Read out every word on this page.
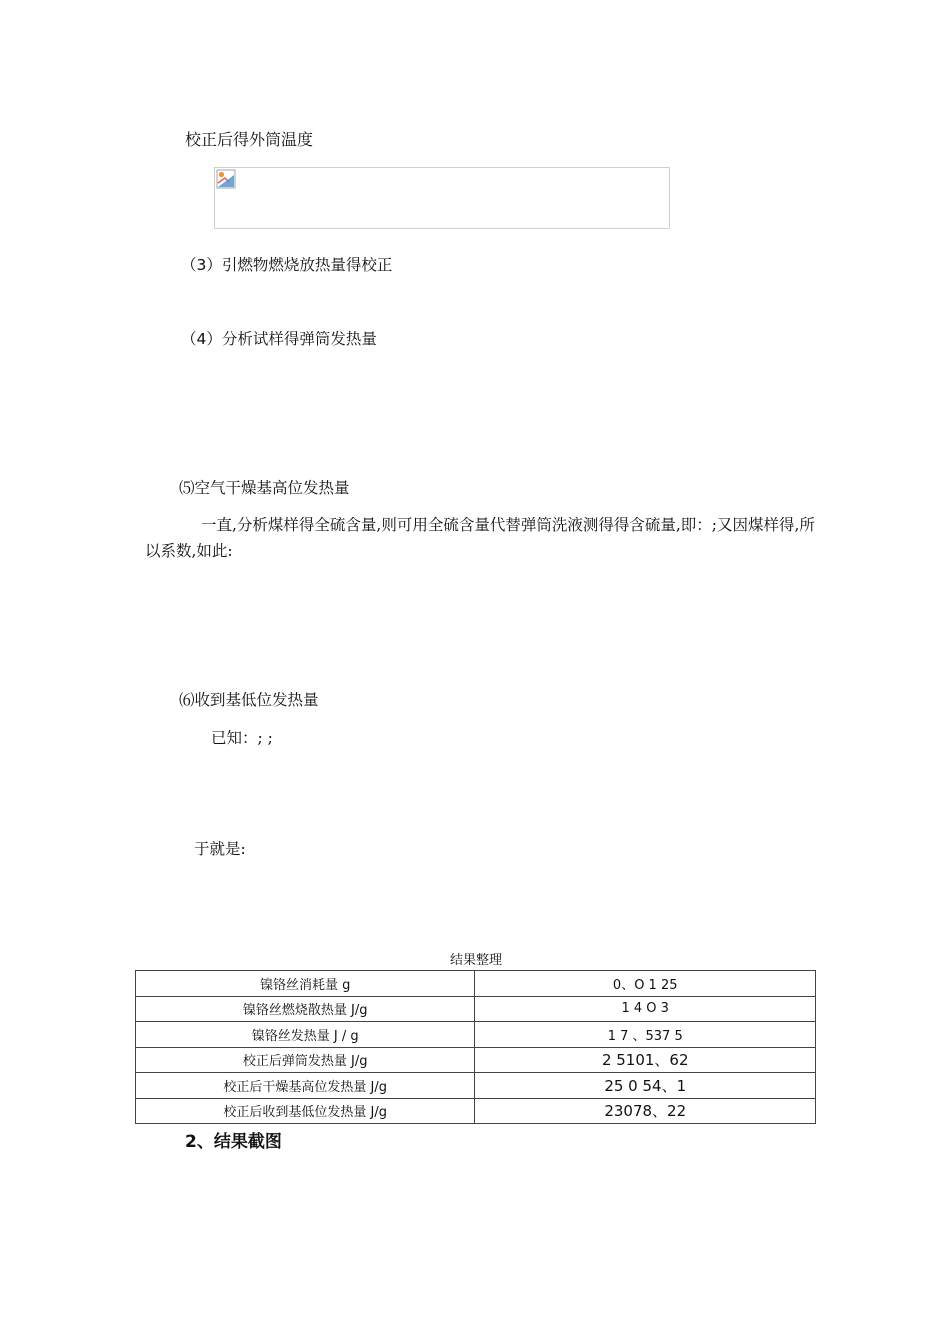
校正后得外筒温度
（3）引燃物燃烧放热量得校正
（4）分析试样得弹筒发热量
⑸空气干燥基高位发热量
一直,分析煤样得全硫含量,则可用全硫含量代替弹筒洗液测得得含硫量,即：;又因煤样得,所以系数,如此:
⑹收到基低位发热量
已知：; ;
于就是:
结果整理
镍铬丝消耗量 g	0、O 1 25
镍铬丝燃烧散热量 J/g	1 4 O 3
镍铬丝发热量 J / g	1 7 、537 5
校正后弹筒发热量 J/g	2 5101、62
校正后干燥基高位发热量 J/g	25 0 54、1
校正后收到基低位发热量 J/g	23078、22
2、结果截图
